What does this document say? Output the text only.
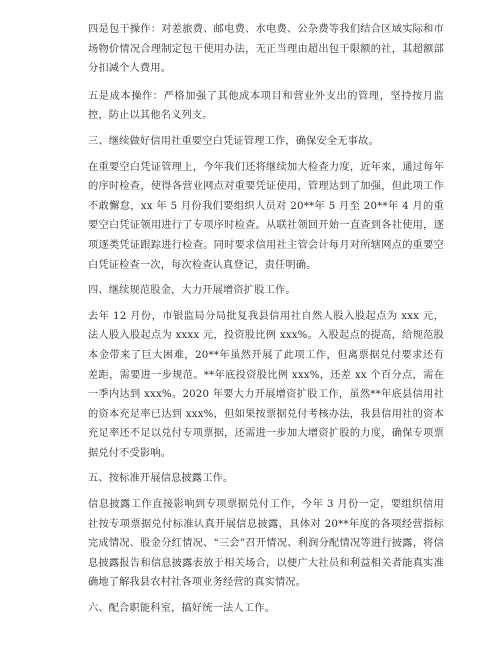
四是包干操作：对差旅费、邮电费、水电费、公杂费等我们结合区域实际和市场物价情况合理制定包干使用办法，无正当理由超出包干限额的社，其超额部分扣减个人费用。

五是成本操作：严格加强了其他成本项目和营业外支出的管理，坚持按月监控，防止以其他名义列支。

三、继续做好信用社重要空白凭证管理工作，确保安全无事故。

在重要空白凭证管理上，今年我们还将继续加大检查力度，近年来，通过每年的序时检查，使得各营业网点对重要凭证使用，管理达到了加强，但此项工作不敢懈怠，xx 年 5 月份我们要组织人员对 20**年 5 月至 20**年 4 月的重要空白凭证领用进行了专项序时检查。从联社领回开始一直查到各社使用，逐项逐类凭证跟踪进行检查。同时要求信用社主管会计每月对所辖网点的重要空白凭证检查一次，每次检查认真登记，责任明确。

四、继续规范股金，大力开展增资扩股工作。

去年 12 月份，市银监局分局批复我县信用社自然人股入股起点为 xxx 元，法人股入股起点为 xxxx 元，投资股比例 xxx%。入股起点的提高，给规范股本金带来了巨大困难，20**年虽然开展了此项工作，但离票据兑付要求还有差距，需要进一步规范。**年底投资股比例 xxx%，还差 xx 个百分点，需在一季内达到 xxx%。2020 年要大力开展增资扩股工作，虽然**年底县信用社的资本充足率已达到 xxx%，但如果按票据兑付考核办法，我县信用社的资本充足率还不足以兑付专项票据，还需进一步加大增资扩股的力度，确保专项票据兑付不受影响。

五、按标准开展信息披露工作。

信息披露工作直接影响到专项票据兑付工作，今年 3 月份一定，要组织信用社按专项票据兑付标准认真开展信息披露，具体对 20**年度的各项经营指标完成情况、股金分红情况、“三会”召开情况、利润分配情况等进行披露，将信息披露报告和信息披露表放于相关场合，以便广大社员和利益相关者能真实准确地了解我县农村社各项业务经营的真实情况。

六、配合职能科室，搞好统一法人工作。
